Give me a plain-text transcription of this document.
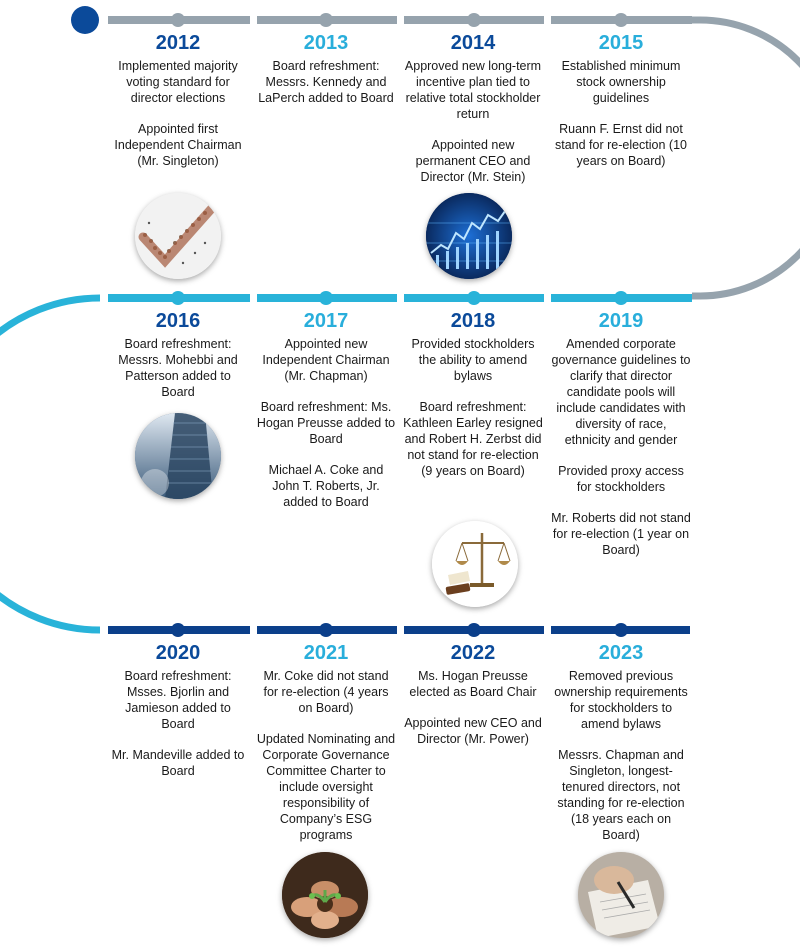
2012

Implemented majority voting standard for director elections

Appointed first Independent Chairman (Mr. Singleton)

2013

Board refreshment: Messrs. Kennedy and LaPerch added to Board

2014

Approved new long-term incentive plan tied to relative total stockholder return

Appointed new permanent CEO and Director (Mr. Stein)

2015

Established minimum stock ownership guidelines

Ruann F. Ernst did not stand for re-election (10 years on Board)

2016

Board refreshment: Messrs. Mohebbi and Patterson added to Board

2017

Appointed new Independent Chairman (Mr. Chapman)

Board refreshment: Ms. Hogan Preusse added to Board

Michael A. Coke and John T. Roberts, Jr. added to Board

2018

Provided stockholders the ability to amend bylaws

Board refreshment: Kathleen Earley resigned and Robert H. Zerbst did not stand for re-election (9 years on Board)

2019

Amended corporate governance guidelines to clarify that director candidate pools will include candidates with diversity of race, ethnicity and gender

Provided proxy access for stockholders

Mr. Roberts did not stand for re-election (1 year on Board)

2020

Board refreshment: Msses. Bjorlin and Jamieson added to Board

Mr. Mandeville added to Board

2021

Mr. Coke did not stand for re-election (4 years on Board)

Updated Nominating and Corporate Governance Committee Charter to include oversight responsibility of Company’s ESG programs

2022

Ms. Hogan Preusse elected as Board Chair

Appointed new CEO and Director (Mr. Power)

2023

Removed previous ownership requirements for stockholders to amend bylaws

Messrs. Chapman and Singleton, longest-tenured directors, not standing for re-election (18 years each on Board)
